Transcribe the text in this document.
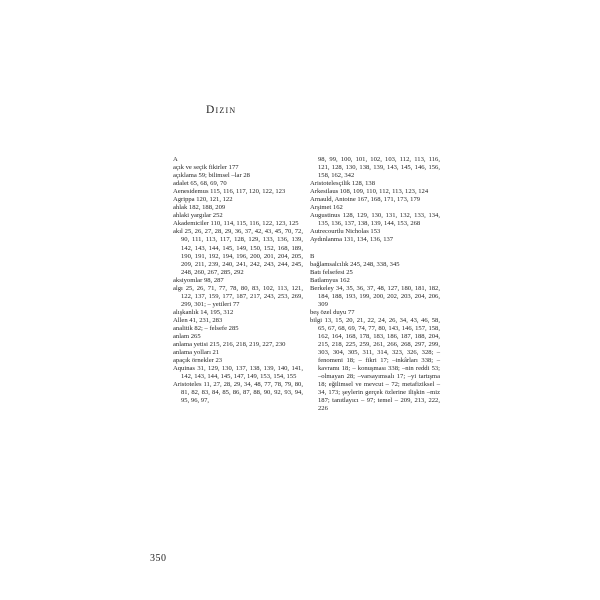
Dizin

A

açık ve seçik fikirler 177

açıklama 59; bilimsel –lar 28

adalet 65, 68, 69, 70

Aenesidemus 115, 116, 117, 120, 122, 123

Agrippa 120, 121, 122

ahlak 182, 188, 209

ahlaki yargılar 252

Akademiciler 110, 114, 115, 116, 122, 123, 125

akıl 25, 26, 27, 28, 29, 36, 37, 42, 43, 45, 70, 72, 90, 111, 113, 117, 128, 129, 133, 136, 139, 142, 143, 144, 145, 149, 150, 152, 168, 189, 190, 191, 192, 194, 196, 200, 201, 204, 205, 209, 211, 239, 240, 241, 242, 243, 244, 245, 248, 260, 267, 285, 292

aksiyomlar 98, 287

algı 25, 26, 71, 77, 78, 80, 83, 102, 113, 121, 122, 137, 159, 177, 187, 217, 243, 253, 269, 299, 301; – yetileri 77

alışkanlık 14, 195, 312

Allen 41, 231, 283

analitik 82; – felsefe 285

anlam 265

anlama yetisi 215, 216, 218, 219, 227, 230

anlama yolları 21

apaçık örnekler 23

Aquinas 31, 129, 130, 137, 138, 139, 140, 141, 142, 143, 144, 145, 147, 149, 153, 154, 155

Aristoteles 11, 27, 28, 29, 34, 48, 77, 78, 79, 80, 81, 82, 83, 84, 85, 86, 87, 88, 90, 92, 93, 94, 95, 96, 97,

98, 99, 100, 101, 102, 103, 112, 113, 116, 121, 128, 130, 138, 139, 143, 145, 146, 156, 158, 162, 342

Aristotelesçilik 128, 138

Arkesilaus 108, 109, 110, 112, 113, 123, 124

Arnauld, Antoine 167, 168, 171, 173, 179

Arşimet 162

Augustinus 128, 129, 130, 131, 132, 133, 134, 135, 136, 137, 138, 139, 144, 153, 268

Autrecourtlu Nicholas 153

Aydınlanma 131, 134, 136, 137

B

bağlamsalcılık 245, 248, 338, 345

Batı felsefesi 25

Batlamyus 162

Berkeley 34, 35, 36, 37, 48, 127, 180, 181, 182, 184, 188, 193, 199, 200, 202, 203, 204, 206, 309

beş özel duyu 77

bilgi 13, 15, 20, 21, 22, 24, 26, 34, 43, 46, 58, 65, 67, 68, 69, 74, 77, 80, 143, 146, 157, 158, 162, 164, 168, 178, 183, 186, 187, 188, 204, 215, 218, 225, 259, 261, 266, 268, 297, 299, 303, 304, 305, 311, 314, 323, 326, 328; – fenomeni 18; – fikri 17; –inkârları 338; – kavramı 18; – konuşması 338; –nin reddi 53; –olmayan 28; –varsayımsalı 17; –yi tartışma 18; eğilimsel ve mevcut – 72; metafiziksel – 34, 173; şeylerin gerçek özlerine ilişkin –miz 187; tanıtlayıcı – 97; temel – 209, 213, 222, 226

350
